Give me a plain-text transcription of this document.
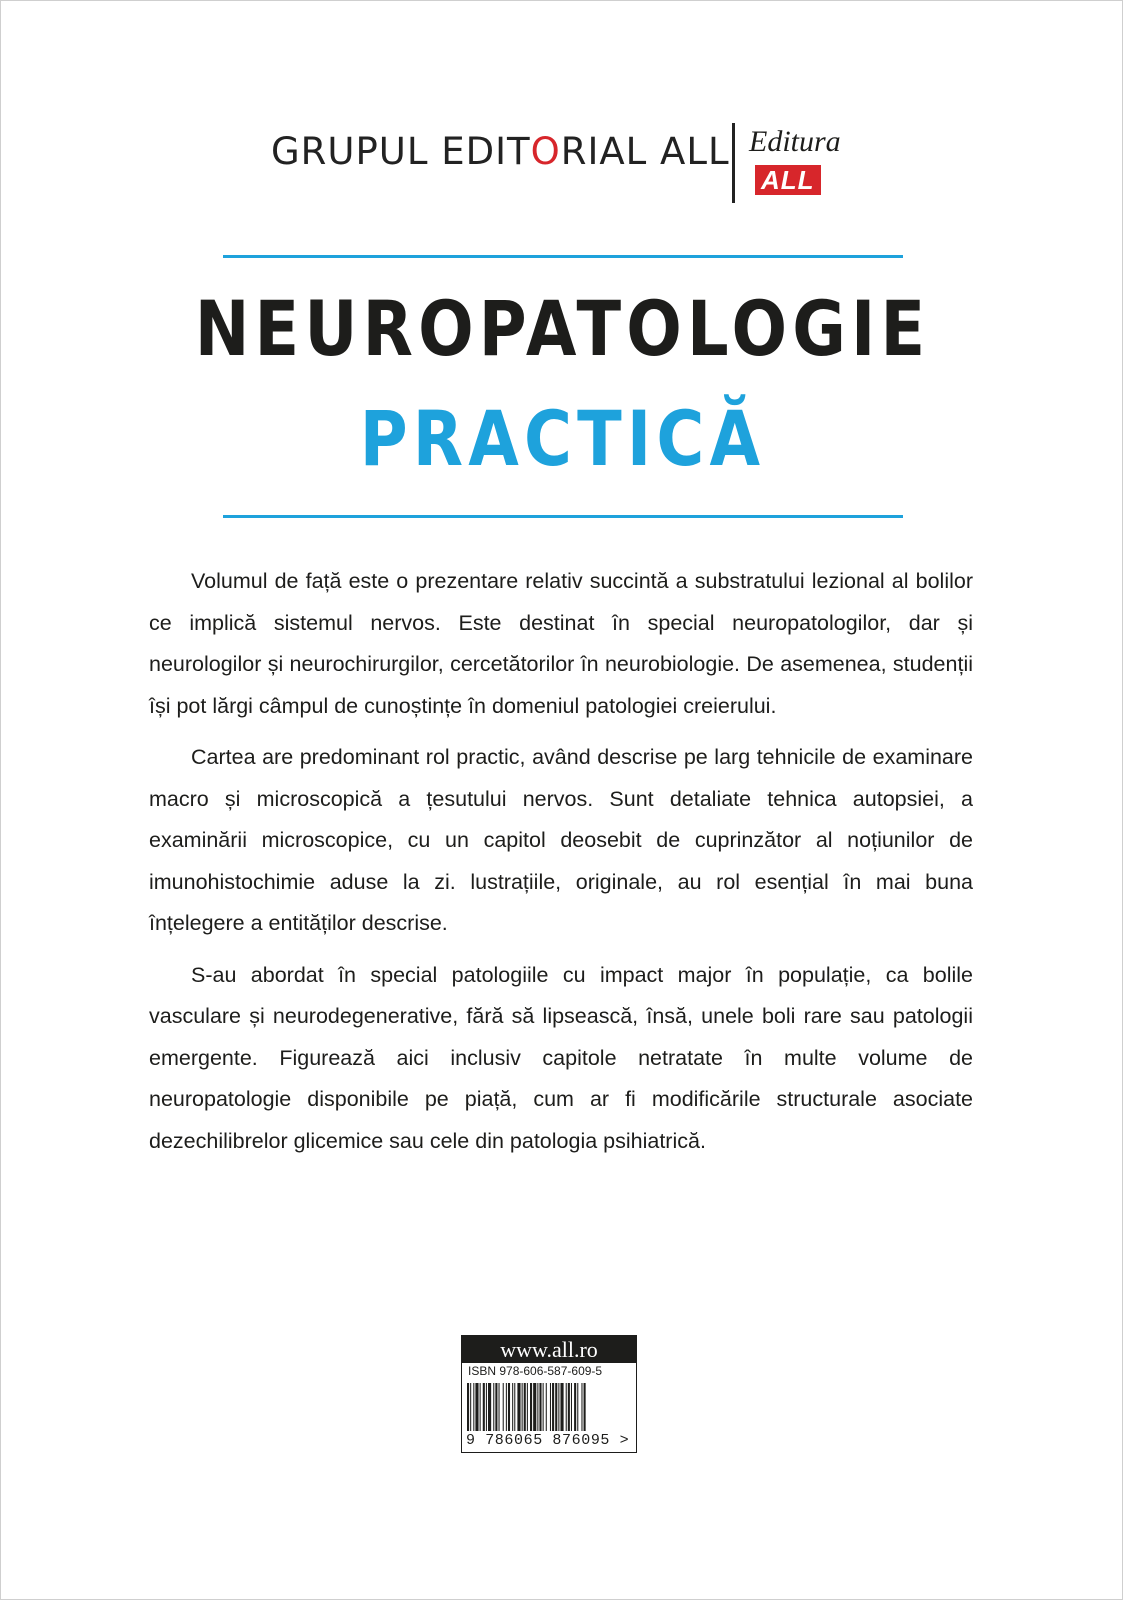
GRUPUL EDITORIAL ALL Editura
ALL
NEUROPATOLOGIE
PRACTICĂ

Volumul de față este o prezentare relativ succintă a substratului lezional al bolilor ce implică sistemul nervos. Este destinat în special neuropatologilor, dar și neurologilor și neurochirurgilor, cercetătorilor în neurobiologie. De asemenea, studenții își pot lărgi câmpul de cunoștințe în domeniul patologiei creierului.

Cartea are predominant rol practic, având descrise pe larg tehnicile de examinare macro și microscopică a țesutului nervos. Sunt detaliate tehnica autopsiei, a examinării microscopice, cu un capitol deosebit de cuprinzător al noțiunilor de imunohistochimie aduse la zi. lustrațiile, originale, au rol esențial în mai buna înțelegere a entităților descrise.

S-au abordat în special patologiile cu impact major în populație, ca bolile vasculare și neurodegenerative, fără să lipsească, însă, unele boli rare sau patologii emergente. Figurează aici inclusiv capitole netratate în multe volume de neuropatologie disponibile pe piață, cum ar fi modificările structurale asociate dezechilibrelor glicemice sau cele din patologia psihiatrică.

www.all.ro
ISBN 978-606-587-609-5
9 786065 876095 >
